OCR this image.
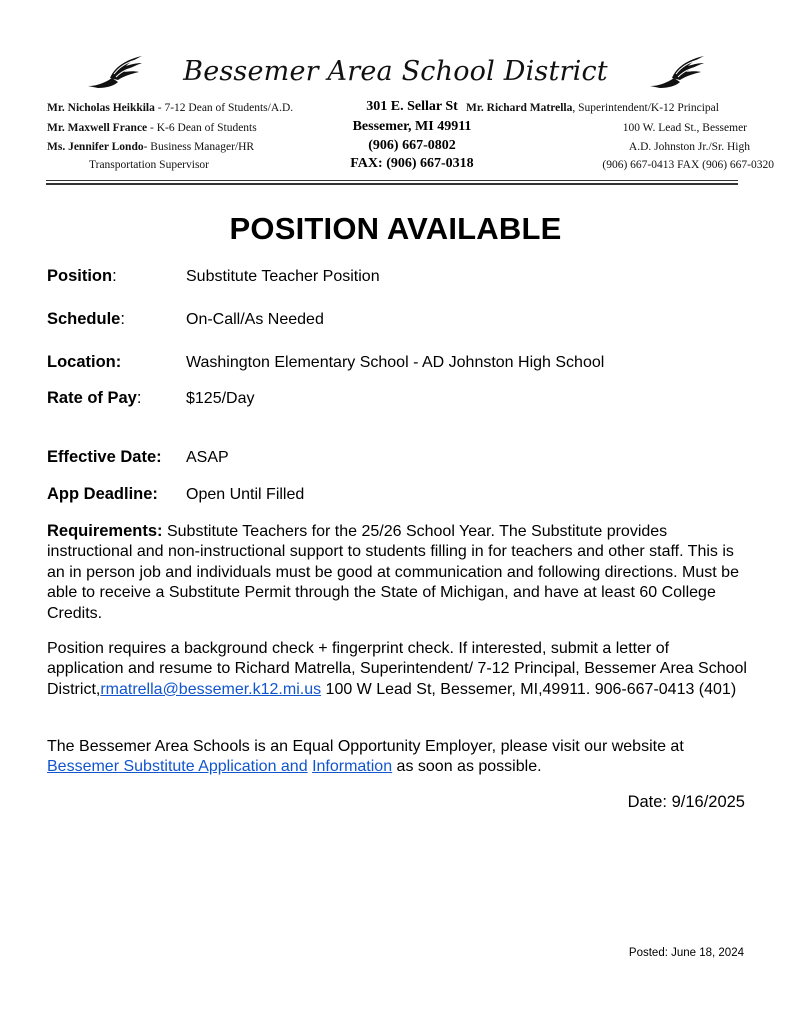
Bessemer Area School District
Mr. Nicholas Heikkila - 7-12 Dean of Students/A.D.
Mr. Maxwell France - K-6 Dean of Students
Ms. Jennifer Londo- Business Manager/HR
Transportation Supervisor
301 E. Sellar St
Bessemer, MI 49911
(906) 667-0802
FAX: (906) 667-0318
Mr. Richard Matrella, Superintendent/K-12 Principal
100 W. Lead St., Bessemer
A.D. Johnston Jr./Sr. High
(906) 667-0413 FAX (906) 667-0320
POSITION AVAILABLE
Position:	Substitute Teacher Position
Schedule:	On-Call/As Needed
Location:	Washington Elementary School - AD Johnston High School
Rate of Pay:	$125/Day
Effective Date: ASAP
App Deadline: Open Until Filled
Requirements: Substitute Teachers for the 25/26 School Year. The Substitute provides instructional and non-instructional support to students filling in for teachers and other staff. This is an in person job and individuals must be good at communication and following directions. Must be able to receive a Substitute Permit through the State of Michigan, and have at least 60 College Credits.
Position requires a background check + fingerprint check. If interested, submit a letter of application and resume to Richard Matrella, Superintendent/ 7-12 Principal, Bessemer Area School District,rmatrella@bessemer.k12.mi.us 100 W Lead St, Bessemer, MI,49911. 906-667-0413 (401)
The Bessemer Area Schools is an Equal Opportunity Employer, please visit our website at Bessemer Substitute Application and Information as soon as possible.
Date: 9/16/2025
Posted: June 18, 2024
